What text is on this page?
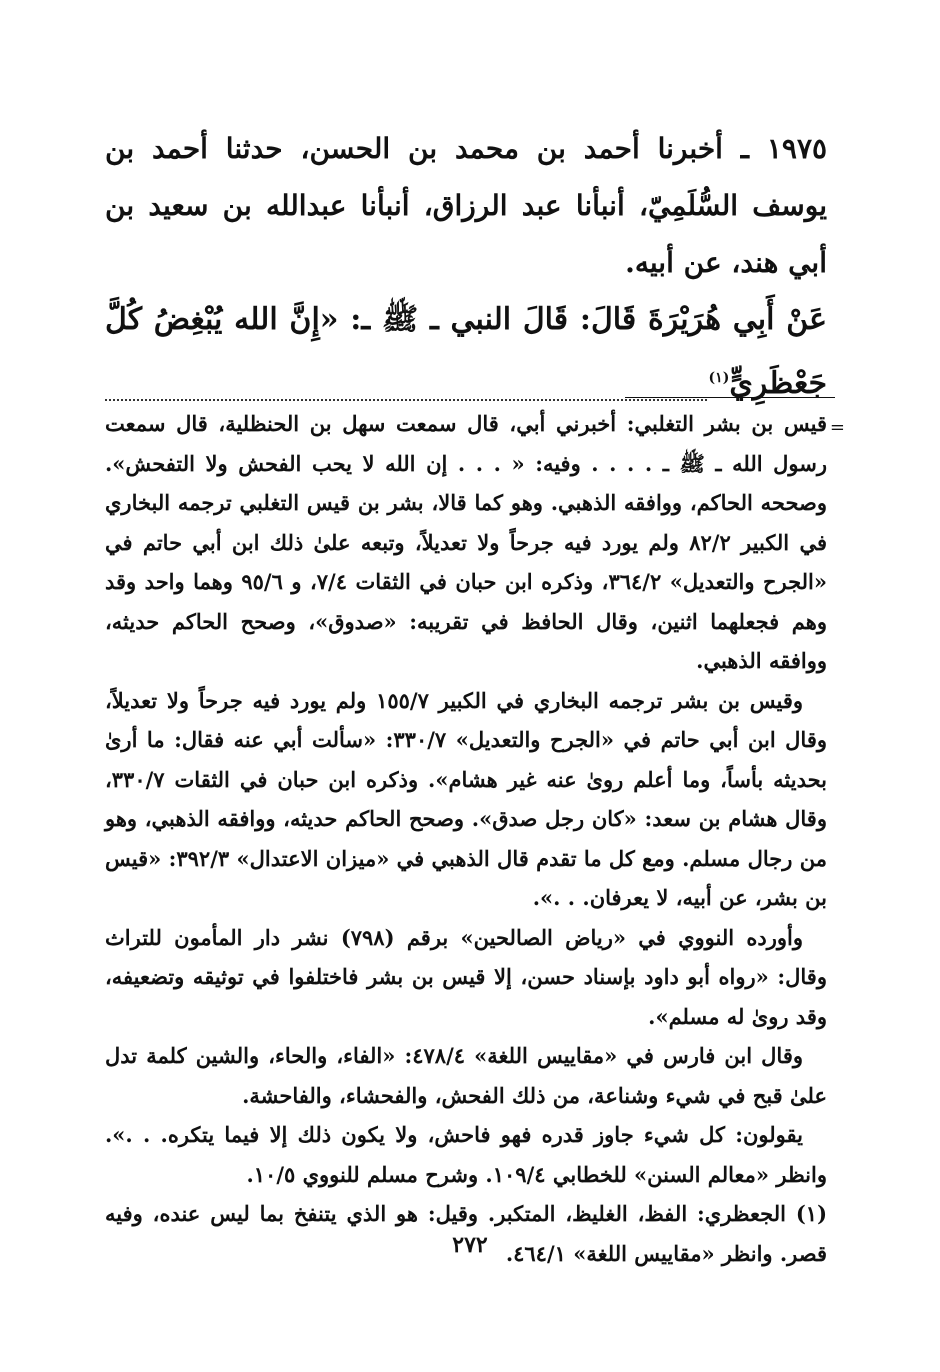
١٩٧٥ ـ أخبرنا أحمد بن محمد بن الحسن، حدثنا أحمد بن يوسف السُّلَمِيّ، أنبأنا عبد الرزاق، أنبأنا عبدالله بن سعيد بن أبي هند، عن أبيه.

عَنْ أَبِي هُرَيْرَةَ قَالَ: قَالَ النبي ـ ﷺ ـ: «إِنَّ الله يُبْغِضُ كُلَّ جَعْظَرِيٍّ$^{(١)}$

=

قيس بن بشر التغلبي: أخبرني أبي، قال سمعت سهل بن الحنظلية، قال سمعت رسول الله ـ ﷺ ـ . . . . وفيه: « . . . إن الله لا يحب الفحش ولا التفحش». وصححه الحاكم، ووافقه الذهبي. وهو كما قالا، بشر بن قيس التغلبي ترجمه البخاري في الكبير ٨٢/٢ ولم يورد فيه جرحاً ولا تعديلاً، وتبعه علىٰ ذلك ابن أبي حاتم في «الجرح والتعديل» ٣٦٤/٢، وذكره ابن حبان في الثقات ٧/٤، و ٩٥/٦ وهما واحد وقد وهم فجعلهما اثنين، وقال الحافظ في تقريبه: «صدوق»، وصحح الحاكم حديثه، ووافقه الذهبي.

وقيس بن بشر ترجمه البخاري في الكبير ١٥٥/٧ ولم يورد فيه جرحاً ولا تعديلاً، وقال ابن أبي حاتم في «الجرح والتعديل» ٣٣٠/٧: «سألت أبي عنه فقال: ما أرىٰ بحديثه بأساً، وما أعلم روىٰ عنه غير هشام». وذكره ابن حبان في الثقات ٣٣٠/٧، وقال هشام بن سعد: «كان رجل صدق». وصحح الحاكم حديثه، ووافقه الذهبي، وهو من رجال مسلم. ومع كل ما تقدم قال الذهبي في «ميزان الاعتدال» ٣٩٢/٣: «قيس بن بشر، عن أبيه، لا يعرفان. . .».

وأورده النووي في «رياض الصالحين» برقم (٧٩٨) نشر دار المأمون للتراث وقال: «رواه أبو داود بإسناد حسن، إلا قيس بن بشر فاختلفوا في توثيقه وتضعيفه، وقد روىٰ له مسلم».

وقال ابن فارس في «مقاييس اللغة» ٤٧٨/٤: «الفاء، والحاء، والشين كلمة تدل علىٰ قبح في شيء وشناعة، من ذلك الفحش، والفحشاء، والفاحشة.

يقولون: كل شيء جاوز قدره فهو فاحش، ولا يكون ذلك إلا فيما يتكره. . .». وانظر «معالم السنن» للخطابي ١٠٩/٤. وشرح مسلم للنووي ١٠/٥.

(١) الجعظري: الفظ، الغليظ، المتكبر. وقيل: هو الذي يتنفخ بما ليس عنده، وفيه قصر. وانظر «مقاييس اللغة» ٤٦٤/١.

٢٧٢
